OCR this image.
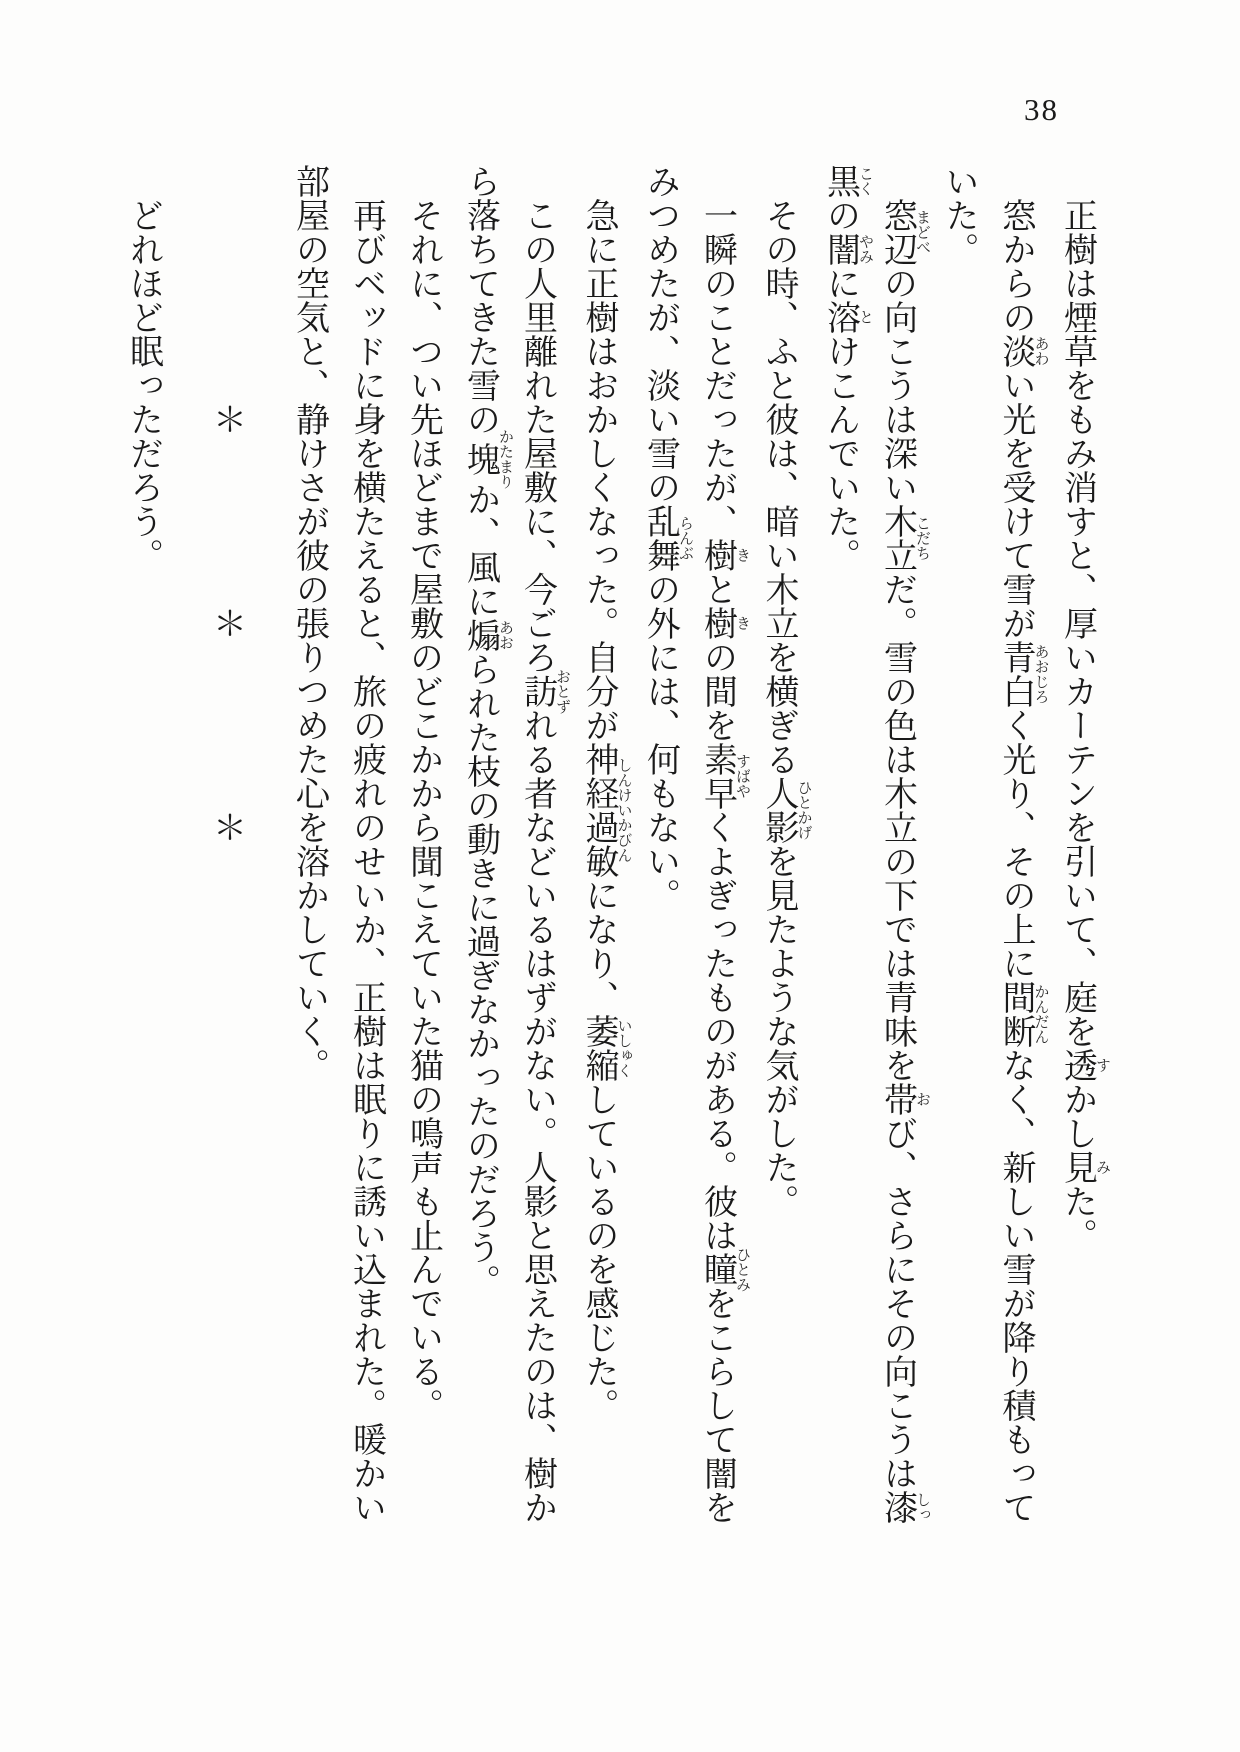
38

正樹は煙草をもみ消すと、厚いカーテンを引いて、庭を透すかし見みた。

窓からの淡あわい光を受けて雪が青白あおじろく光り、その上に間断かんだんなく、新しい雪が降り積もっていた。

窓辺まどべの向こうは深い木立こだちだ。雪の色は木立の下では青味を帯おび、さらにその向こうは漆しっ黒こくの闇やみに溶とけこんでいた。

その時、ふと彼は、暗い木立を横ぎる人影ひとかげを見たような気がした。

一瞬のことだったが、樹きと樹きの間を素早すばやくよぎったものがある。彼は瞳ひとみをこらして闇をみつめたが、淡い雪の乱舞らんぶの外には、何もない。

急に正樹はおかしくなった。自分が神経過敏しんけいかびんになり、萎縮いしゅくしているのを感じた。

この人里離れた屋敷に、今ごろ訪おとずれる者などいるはずがない。人影と思えたのは、樹から落ちてきた雪の塊かたまりか、風に煽あおられた枝の動きに過ぎなかったのだろう。

それに、つい先ほどまで屋敷のどこかから聞こえていた猫の鳴声も止んでいる。

再びベッドに身を横たえると、旅の疲れのせいか、正樹は眠りに誘い込まれた。暖かい部屋の空気と、静けさが彼の張りつめた心を溶かしていく。

　　　　　　　＊　　　　　＊　　　　　＊

どれほど眠っただろう。
